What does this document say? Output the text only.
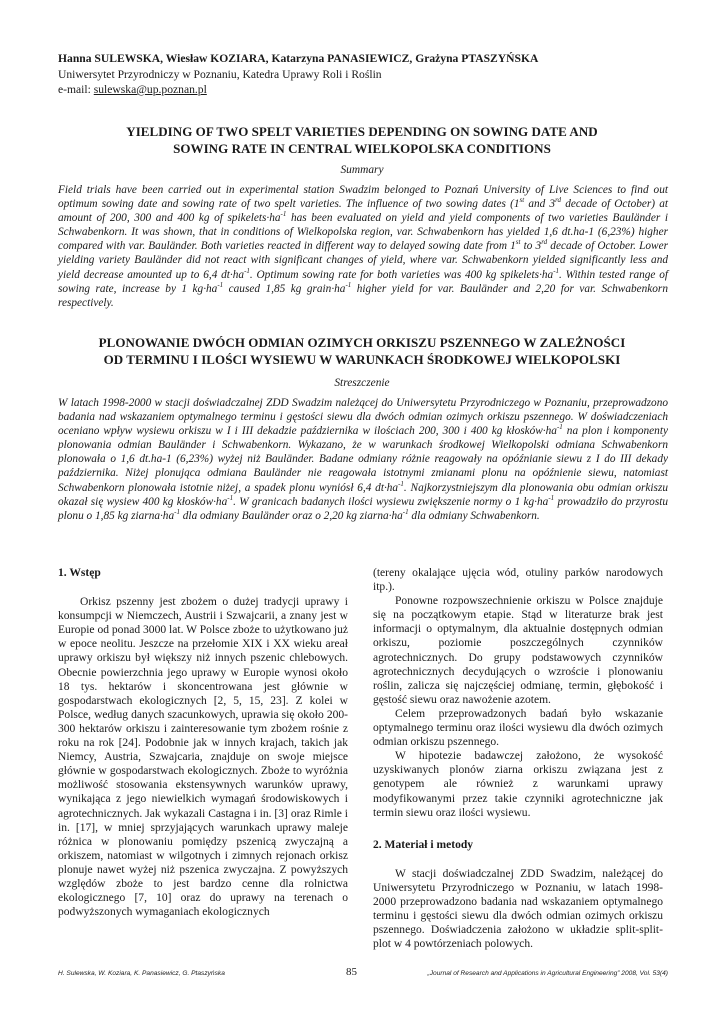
Hanna SULEWSKA, Wiesław KOZIARA, Katarzyna PANASIEWICZ, Grażyna PTASZYŃSKA
Uniwersytet Przyrodniczy w Poznaniu, Katedra Uprawy Roli i Roślin
e-mail: sulewska@up.poznan.pl
YIELDING OF TWO SPELT VARIETIES DEPENDING ON SOWING DATE AND
SOWING RATE IN CENTRAL WIELKOPOLSKA CONDITIONS
Summary
Field trials have been carried out in experimental station Swadzim belonged to Poznań University of Live Sciences to find out optimum sowing date and sowing rate of two spelt varieties. The influence of two sowing dates (1st and 3rd decade of October) at amount of 200, 300 and 400 kg of $spikelets\cdot ha^{-1}$ has been evaluated on yield and yield components of two varieties Bauländer i Schwabenkorn. It was shown, that in conditions of Wielkopolska region, var. Schwabenkorn has yielded 1,6 dt.ha-1 (6,23%) higher compared with var. Bauländer. Both varieties reacted in different way to delayed sowing date from 1st to 3rd decade of October. Lower yielding variety Bauländer did not react with significant changes of yield, where var. Schwabenkorn yielded significantly less and yield decrease amounted up to 6,4 $dt\cdot ha^{-1}$. Optimum sowing rate for both varieties was 400 kg $spikelets\cdot ha^{-1}$. Within tested range of sowing rate, increase by 1 $kg\cdot ha^{-1}$ caused 1,85 kg $grain\cdot ha^{-1}$ higher yield for var. Bauländer and 2,20 for var. Schwabenkorn respectively.
PLONOWANIE DWÓCH ODMIAN OZIMYCH ORKISZU PSZENNEGO W ZALEŻNOŚCI
OD TERMINU I ILOŚCI WYSIEWU W WARUNKACH ŚRODKOWEJ WIELKOPOLSKI
Streszczenie
W latach 1998-2000 w stacji doświadczalnej ZDD Swadzim należącej do Uniwersytetu Przyrodniczego w Poznaniu, przeprowadzono badania nad wskazaniem optymalnego terminu i gęstości siewu dla dwóch odmian ozimych orkiszu pszennego. W doświadczeniach oceniano wpływ wysiewu orkiszu w I i III dekadzie października w ilościach 200, 300 i 400 kg $kłosków\cdot ha^{-1}$ na plon i komponenty plonowania odmian Bauländer i Schwabenkorn. Wykazano, że w warunkach środkowej Wielkopolski odmiana Schwabenkorn plonowała o 1,6 dt.ha-1 (6,23%) wyżej niż Bauländer. Badane odmiany różnie reagowały na opóźnianie siewu z I do III dekady października. Niżej plonująca odmiana Bauländer nie reagowała istotnymi zmianami plonu na opóźnienie siewu, natomiast Schwabenkorn plonowała istotnie niżej, a spadek plonu wyniósł 6,4 $dt\cdot ha^{-1}$. Najkorzystniejszym dla plonowania obu odmian orkiszu okazał się wysiew 400 kg $kłosków\cdot ha^{-1}$. W granicach badanych ilości wysiewu zwiększenie normy o 1 $kg\cdot ha^{-1}$ prowadziło do przyrostu plonu o 1,85 kg $ziarna\cdot ha^{-1}$ dla odmiany Bauländer oraz o 2,20 kg $ziarna\cdot ha^{-1}$ dla odmiany Schwabenkorn.
1. Wstęp

Orkisz pszenny jest zbożem o dużej tradycji uprawy i konsumpcji w Niemczech, Austrii i Szwajcarii, a znany jest w Europie od ponad 3000 lat. W Polsce zboże to użytkowano już w epoce neolitu. Jeszcze na przełomie XIX i XX wieku areał uprawy orkiszu był większy niż innych pszenic chlebowych. Obecnie powierzchnia jego uprawy w Europie wynosi około 18 tys. hektarów i skoncentrowana jest głównie w gospodarstwach ekologicznych [2, 5, 15, 23]. Z kolei w Polsce, według danych szacunkowych, uprawia się około 200-300 hektarów orkiszu i zainteresowanie tym zbożem rośnie z roku na rok [24]. Podobnie jak w innych krajach, takich jak Niemcy, Austria, Szwajcaria, znajduje on swoje miejsce głównie w gospodarstwach ekologicznych. Zboże to wyróżnia możliwość stosowania ekstensywnych warunków uprawy, wynikająca z jego niewielkich wymagań środowiskowych i agrotechnicznych. Jak wykazali Castagna i in. [3] oraz Rimle i in. [17], w mniej sprzyjających warunkach uprawy maleje różnica w plonowaniu pomiędzy pszenicą zwyczajną a orkiszem, natomiast w wilgotnych i zimnych rejonach orkisz plonuje nawet wyżej niż pszenica zwyczajna. Z powyższych względów zboże to jest bardzo cenne dla rolnictwa ekologicznego [7, 10] oraz do uprawy na terenach o podwyższonych wymaganiach ekologicznych

(tereny okalające ujęcia wód, otuliny parków narodowych itp.).

Ponowne rozpowszechnienie orkiszu w Polsce znajduje się na początkowym etapie. Stąd w literaturze brak jest informacji o optymalnym, dla aktualnie dostępnych odmian orkiszu, poziomie poszczególnych czynników agrotechnicznych. Do grupy podstawowych czynników agrotechnicznych decydujących o wzroście i plonowaniu roślin, zalicza się najczęściej odmianę, termin, głębokość i gęstość siewu oraz nawożenie azotem.

Celem przeprowadzonych badań było wskazanie optymalnego terminu oraz ilości wysiewu dla dwóch ozimych odmian orkiszu pszennego.

W hipotezie badawczej założono, że wysokość uzyskiwanych plonów ziarna orkiszu związana jest z genotypem ale również z warunkami uprawy modyfikowanymi przez takie czynniki agrotechniczne jak termin siewu oraz ilości wysiewu.

2. Materiał i metody

W stacji doświadczalnej ZDD Swadzim, należącej do Uniwersytetu Przyrodniczego w Poznaniu, w latach 1998-2000 przeprowadzono badania nad wskazaniem optymalnego terminu i gęstości siewu dla dwóch odmian ozimych orkiszu pszennego. Doświadczenia założono w układzie split-split-plot w 4 powtórzeniach polowych.

H. Sulewska, W. Koziara, K. Panasiewicz, G. Ptaszyńska	85	„Journal of Research and Applications in Agricultural Engineering” 2008, Vol. 53(4)
